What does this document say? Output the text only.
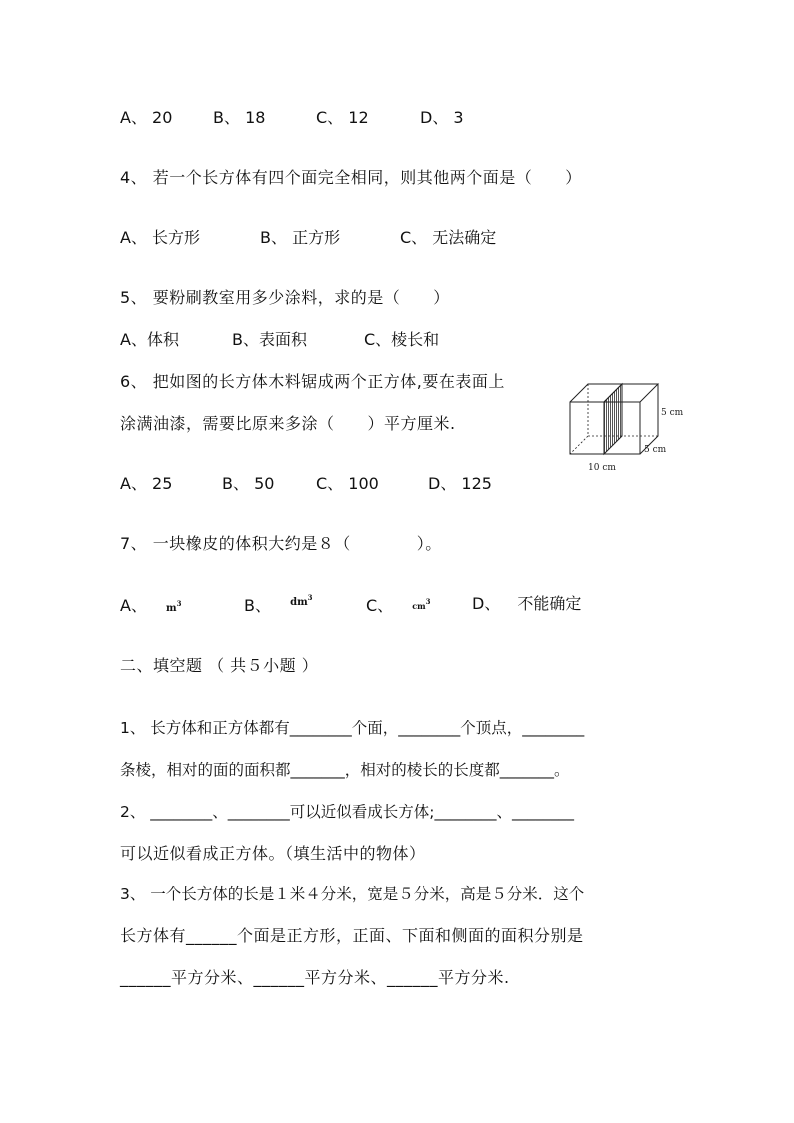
A、 20	B、 18	C、 12	D、 3
4、 若一个长方体有四个面完全相同，则其他两个面是（　　）
A、 长方形	B、 正方形	C、 无法确定
5、 要粉刷教室用多少涂料，求的是（　　）
A、体积	B、表面积	C、棱长和
6、 把如图的长方体木料锯成两个正方体,要在表面上
涂满油漆，需要比原来多涂（　　）平方厘米.
5 cm
5 cm
10 cm
A、 25	B、 50	C、 100	D、 125
7、 一块橡皮的体积大约是８（　　　　）。
A、 $m^3$	B、 $^{dm^3}$	C、 $cm^3$	D、 不能确定
二、填空题 （ 共５小题 ）
1、 长方体和正方体都有________个面，________个顶点，________
条棱，相对的面的面积都_______，相对的棱长的长度都_______。
2、 ________、________可以近似看成长方体;________、________
可以近似看成正方体。（填生活中的物体）
3、 一个长方体的长是１米４分米，宽是５分米，高是５分米．这个
长方体有______个面是正方形，正面、下面和侧面的面积分别是
______平方分米、______平方分米、______平方分米.
